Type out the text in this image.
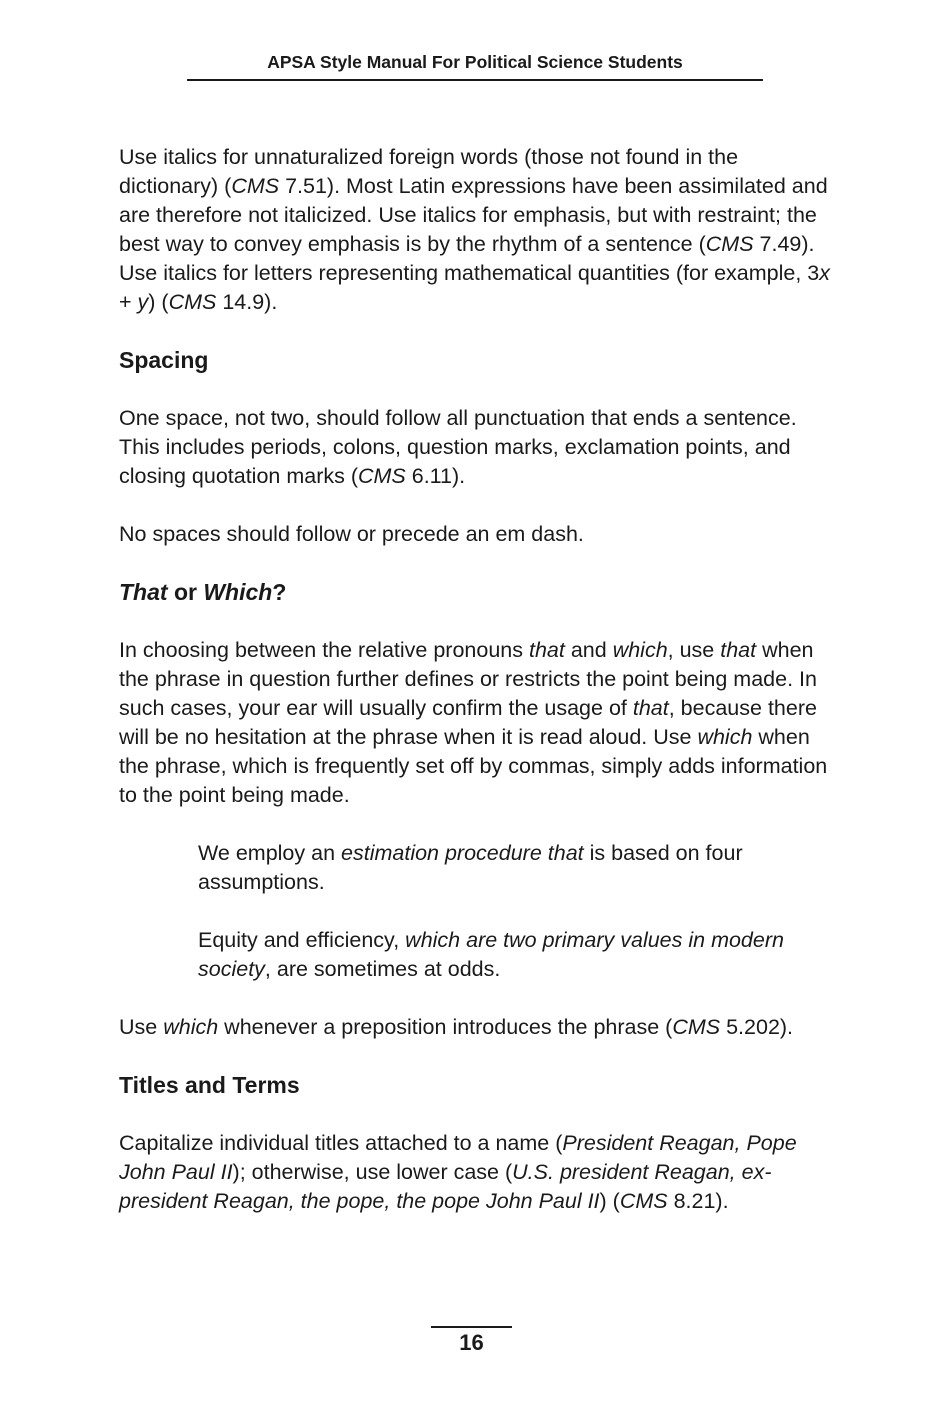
APSA Style Manual For Political Science Students

Use italics for unnaturalized foreign words (those not found in the dictionary) (CMS 7.51). Most Latin expressions have been assimilated and are therefore not italicized. Use italics for emphasis, but with restraint; the best way to convey emphasis is by the rhythm of a sentence (CMS 7.49). Use italics for letters representing mathematical quantities (for example, 3x + y) (CMS 14.9).

Spacing

One space, not two, should follow all punctuation that ends a sentence. This includes periods, colons, question marks, exclamation points, and closing quotation marks (CMS 6.11).

No spaces should follow or precede an em dash.

That or Which?

In choosing between the relative pronouns that and which, use that when the phrase in question further defines or restricts the point being made. In such cases, your ear will usually confirm the usage of that, because there will be no hesitation at the phrase when it is read aloud. Use which when the phrase, which is frequently set off by commas, simply adds information to the point being made.

We employ an estimation procedure that is based on four assumptions.
Equity and efficiency, which are two primary values in modern society, are sometimes at odds.

Use which whenever a preposition introduces the phrase (CMS 5.202).

Titles and Terms

Capitalize individual titles attached to a name (President Reagan, Pope John Paul II); otherwise, use lower case (U.S. president Reagan, ex-president Reagan, the pope, the pope John Paul II) (CMS 8.21).

16
